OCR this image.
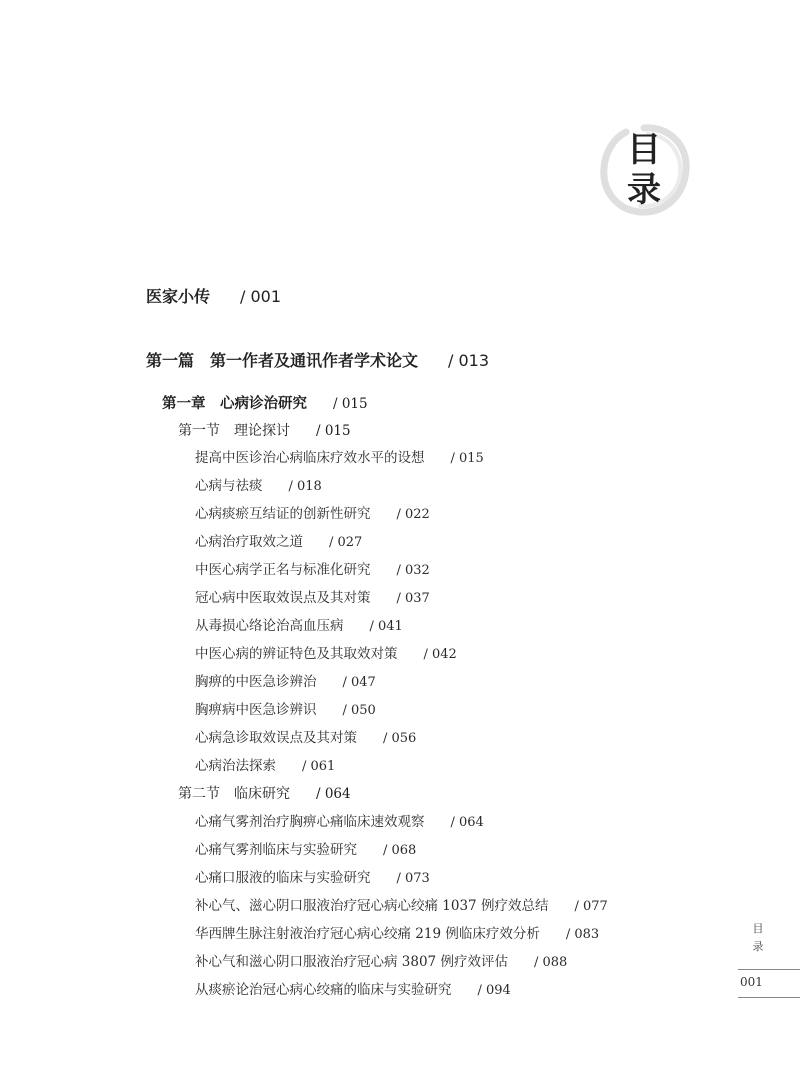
目
录
医家小传 / 001
第一篇　第一作者及通讯作者学术论文 / 013
第一章　心病诊治研究 / 015
第一节　理论探讨 / 015
提高中医诊治心病临床疗效水平的设想 / 015
心病与祛痰 / 018
心病痰瘀互结证的创新性研究 / 022
心病治疗取效之道 / 027
中医心病学正名与标准化研究 / 032
冠心病中医取效误点及其对策 / 037
从毒损心络论治高血压病 / 041
中医心病的辨证特色及其取效对策 / 042
胸痹的中医急诊辨治 / 047
胸痹病中医急诊辨识 / 050
心病急诊取效误点及其对策 / 056
心病治法探索 / 061
第二节　临床研究 / 064
心痛气雾剂治疗胸痹心痛临床速效观察 / 064
心痛气雾剂临床与实验研究 / 068
心痛口服液的临床与实验研究 / 073
补心气、滋心阴口服液治疗冠心病心绞痛 1037 例疗效总结 / 077
华西牌生脉注射液治疗冠心病心绞痛 219 例临床疗效分析 / 083
补心气和滋心阴口服液治疗冠心病 3807 例疗效评估 / 088
从痰瘀论治冠心病心绞痛的临床与实验研究 / 094
目
录
001
